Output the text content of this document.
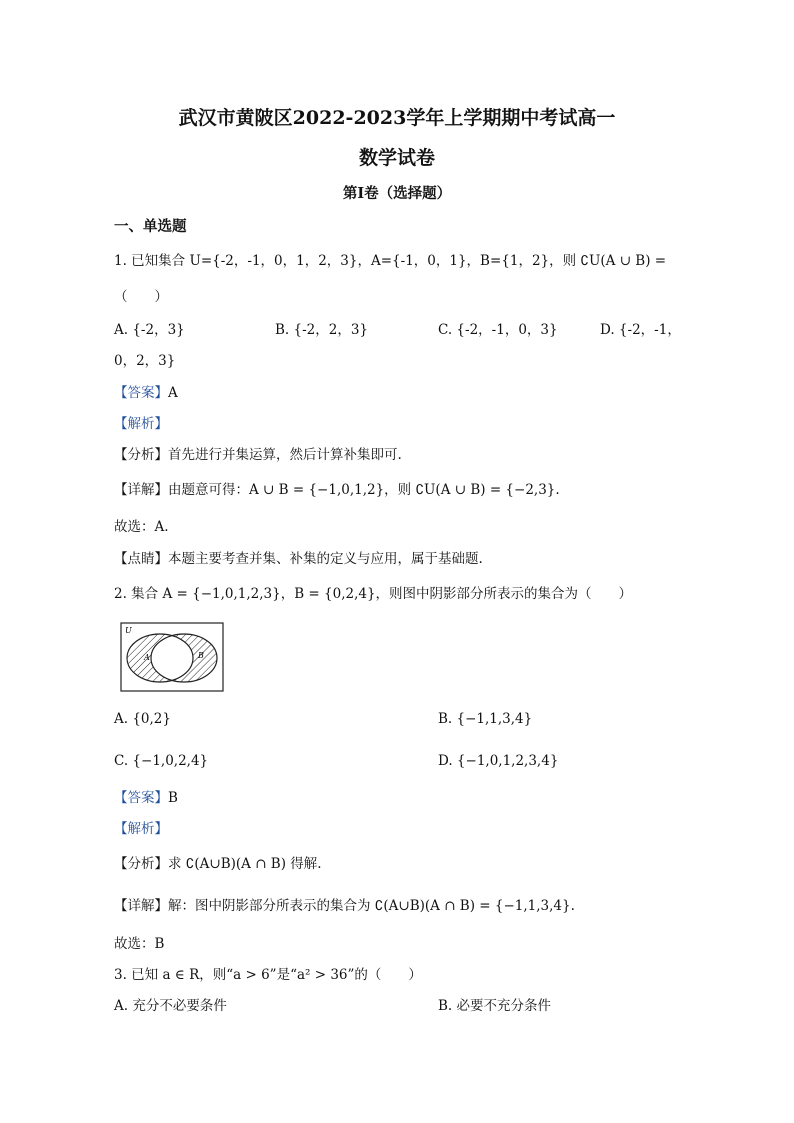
武汉市黄陂区2022-2023学年上学期期中考试高一
数学试卷
第I卷（选择题）
一、单选题
1. 已知集合 U={-2，-1，0，1，2，3}，A={-1，0，1}，B={1，2}，则 ∁U(A ∪ B) =
（　　）
A. {-2，3}	B. {-2，2，3}	C. {-2，-1，0，3}	D. {-2，-1，
0，2，3}
【答案】A
【解析】
【分析】首先进行并集运算，然后计算补集即可.
【详解】由题意可得：A ∪ B = {−1,0,1,2}，则 ∁U(A ∪ B) = {−2,3}.
故选：A.
【点睛】本题主要考查并集、补集的定义与应用，属于基础题.
2. 集合 A = {−1,0,1,2,3}，B = {0,2,4}，则图中阴影部分所表示的集合为（　　）
U
A	B
A. {0,2}	B. {−1,1,3,4}
C. {−1,0,2,4}	D. {−1,0,1,2,3,4}
【答案】B
【解析】
【分析】求 ∁(A∪B)(A ∩ B) 得解.
【详解】解：图中阴影部分所表示的集合为 ∁(A∪B)(A ∩ B) = {−1,1,3,4}.
故选：B
3. 已知 a ∈ R，则“a > 6”是“a² > 36”的（　　）
A. 充分不必要条件	B. 必要不充分条件
